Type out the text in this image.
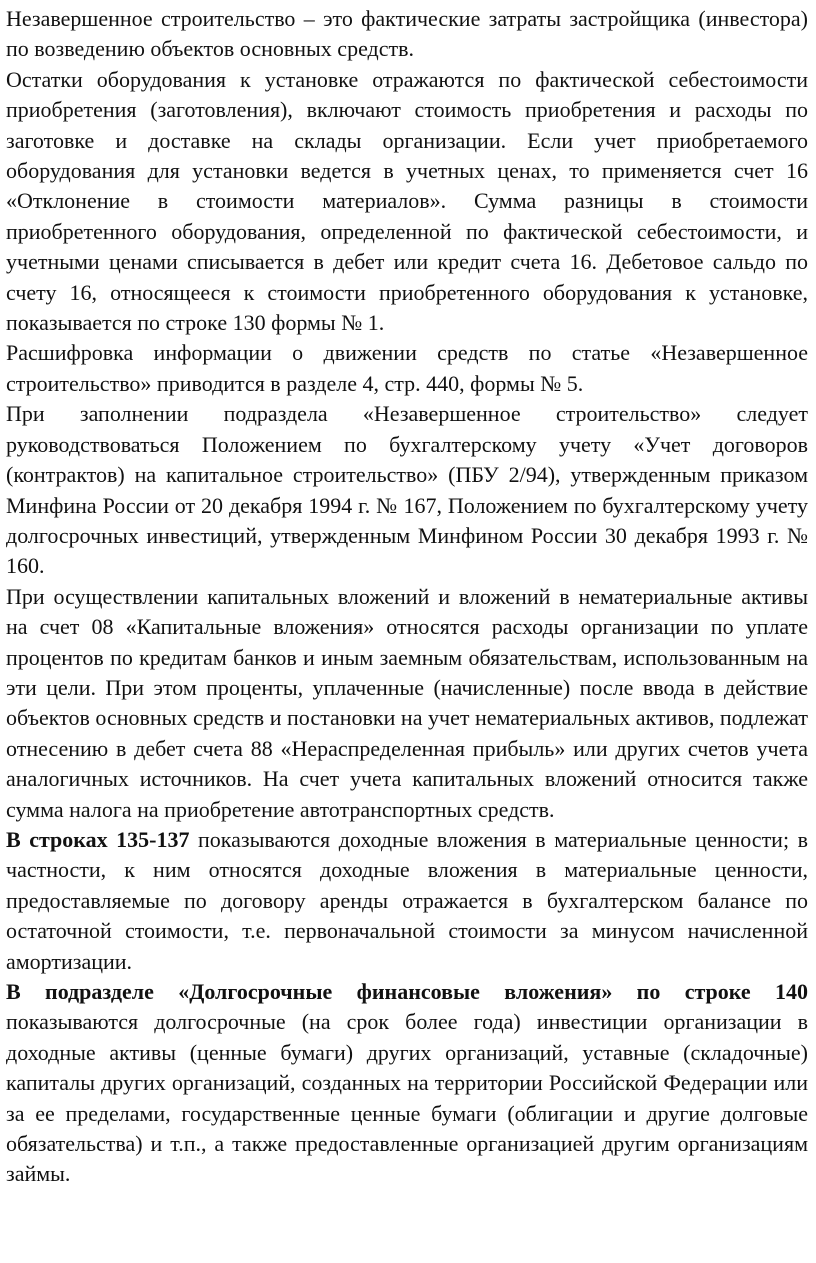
Незавершенное строительство – это фактические затраты застройщика (инвестора) по возведению объектов основных средств.

Остатки оборудования к установке отражаются по фактической себестоимости приобретения (заготовления), включают стоимость приобретения и расходы по заготовке и доставке на склады организации. Если учет приобретаемого оборудования для установки ведется в учетных ценах, то применяется счет 16 «Отклонение в стоимости материалов». Сумма разницы в стоимости приобретенного оборудования, определенной по фактической себестоимости, и учетными ценами списывается в дебет или кредит счета 16. Дебетовое сальдо по счету 16, относящееся к стоимости приобретенного оборудования к установке, показывается по строке 130 формы № 1.

Расшифровка информации о движении средств по статье «Незавершенное строительство» приводится в разделе 4, стр. 440, формы № 5.

При заполнении подраздела «Незавершенное строительство» следует руководствоваться Положением по бухгалтерскому учету «Учет договоров (контрактов) на капитальное строительство» (ПБУ 2/94), утвержденным приказом Минфина России от 20 декабря 1994 г. № 167, Положением по бухгалтерскому учету долгосрочных инвестиций, утвержденным Минфином России 30 декабря 1993 г. № 160.

При осуществлении капитальных вложений и вложений в нематериальные активы на счет 08 «Капитальные вложения» относятся расходы организации по уплате процентов по кредитам банков и иным заемным обязательствам, использованным на эти цели. При этом проценты, уплаченные (начисленные) после ввода в действие объектов основных средств и постановки на учет нематериальных активов, подлежат отнесению в дебет счета 88 «Нераспределенная прибыль» или других счетов учета аналогичных источников. На счет учета капитальных вложений относится также сумма налога на приобретение автотранспортных средств.

В строках 135-137 показываются доходные вложения в материальные ценности; в частности, к ним относятся доходные вложения в материальные ценности, предоставляемые по договору аренды отражается в бухгалтерском балансе по остаточной стоимости, т.е. первоначальной стоимости за минусом начисленной амортизации.

В подразделе «Долгосрочные финансовые вложения» по строке 140 показываются долгосрочные (на срок более года) инвестиции организации в доходные активы (ценные бумаги) других организаций, уставные (складочные) капиталы других организаций, созданных на территории Российской Федерации или за ее пределами, государственные ценные бумаги (облигации и другие долговые обязательства) и т.п., а также предоставленные организацией другим организациям займы.
